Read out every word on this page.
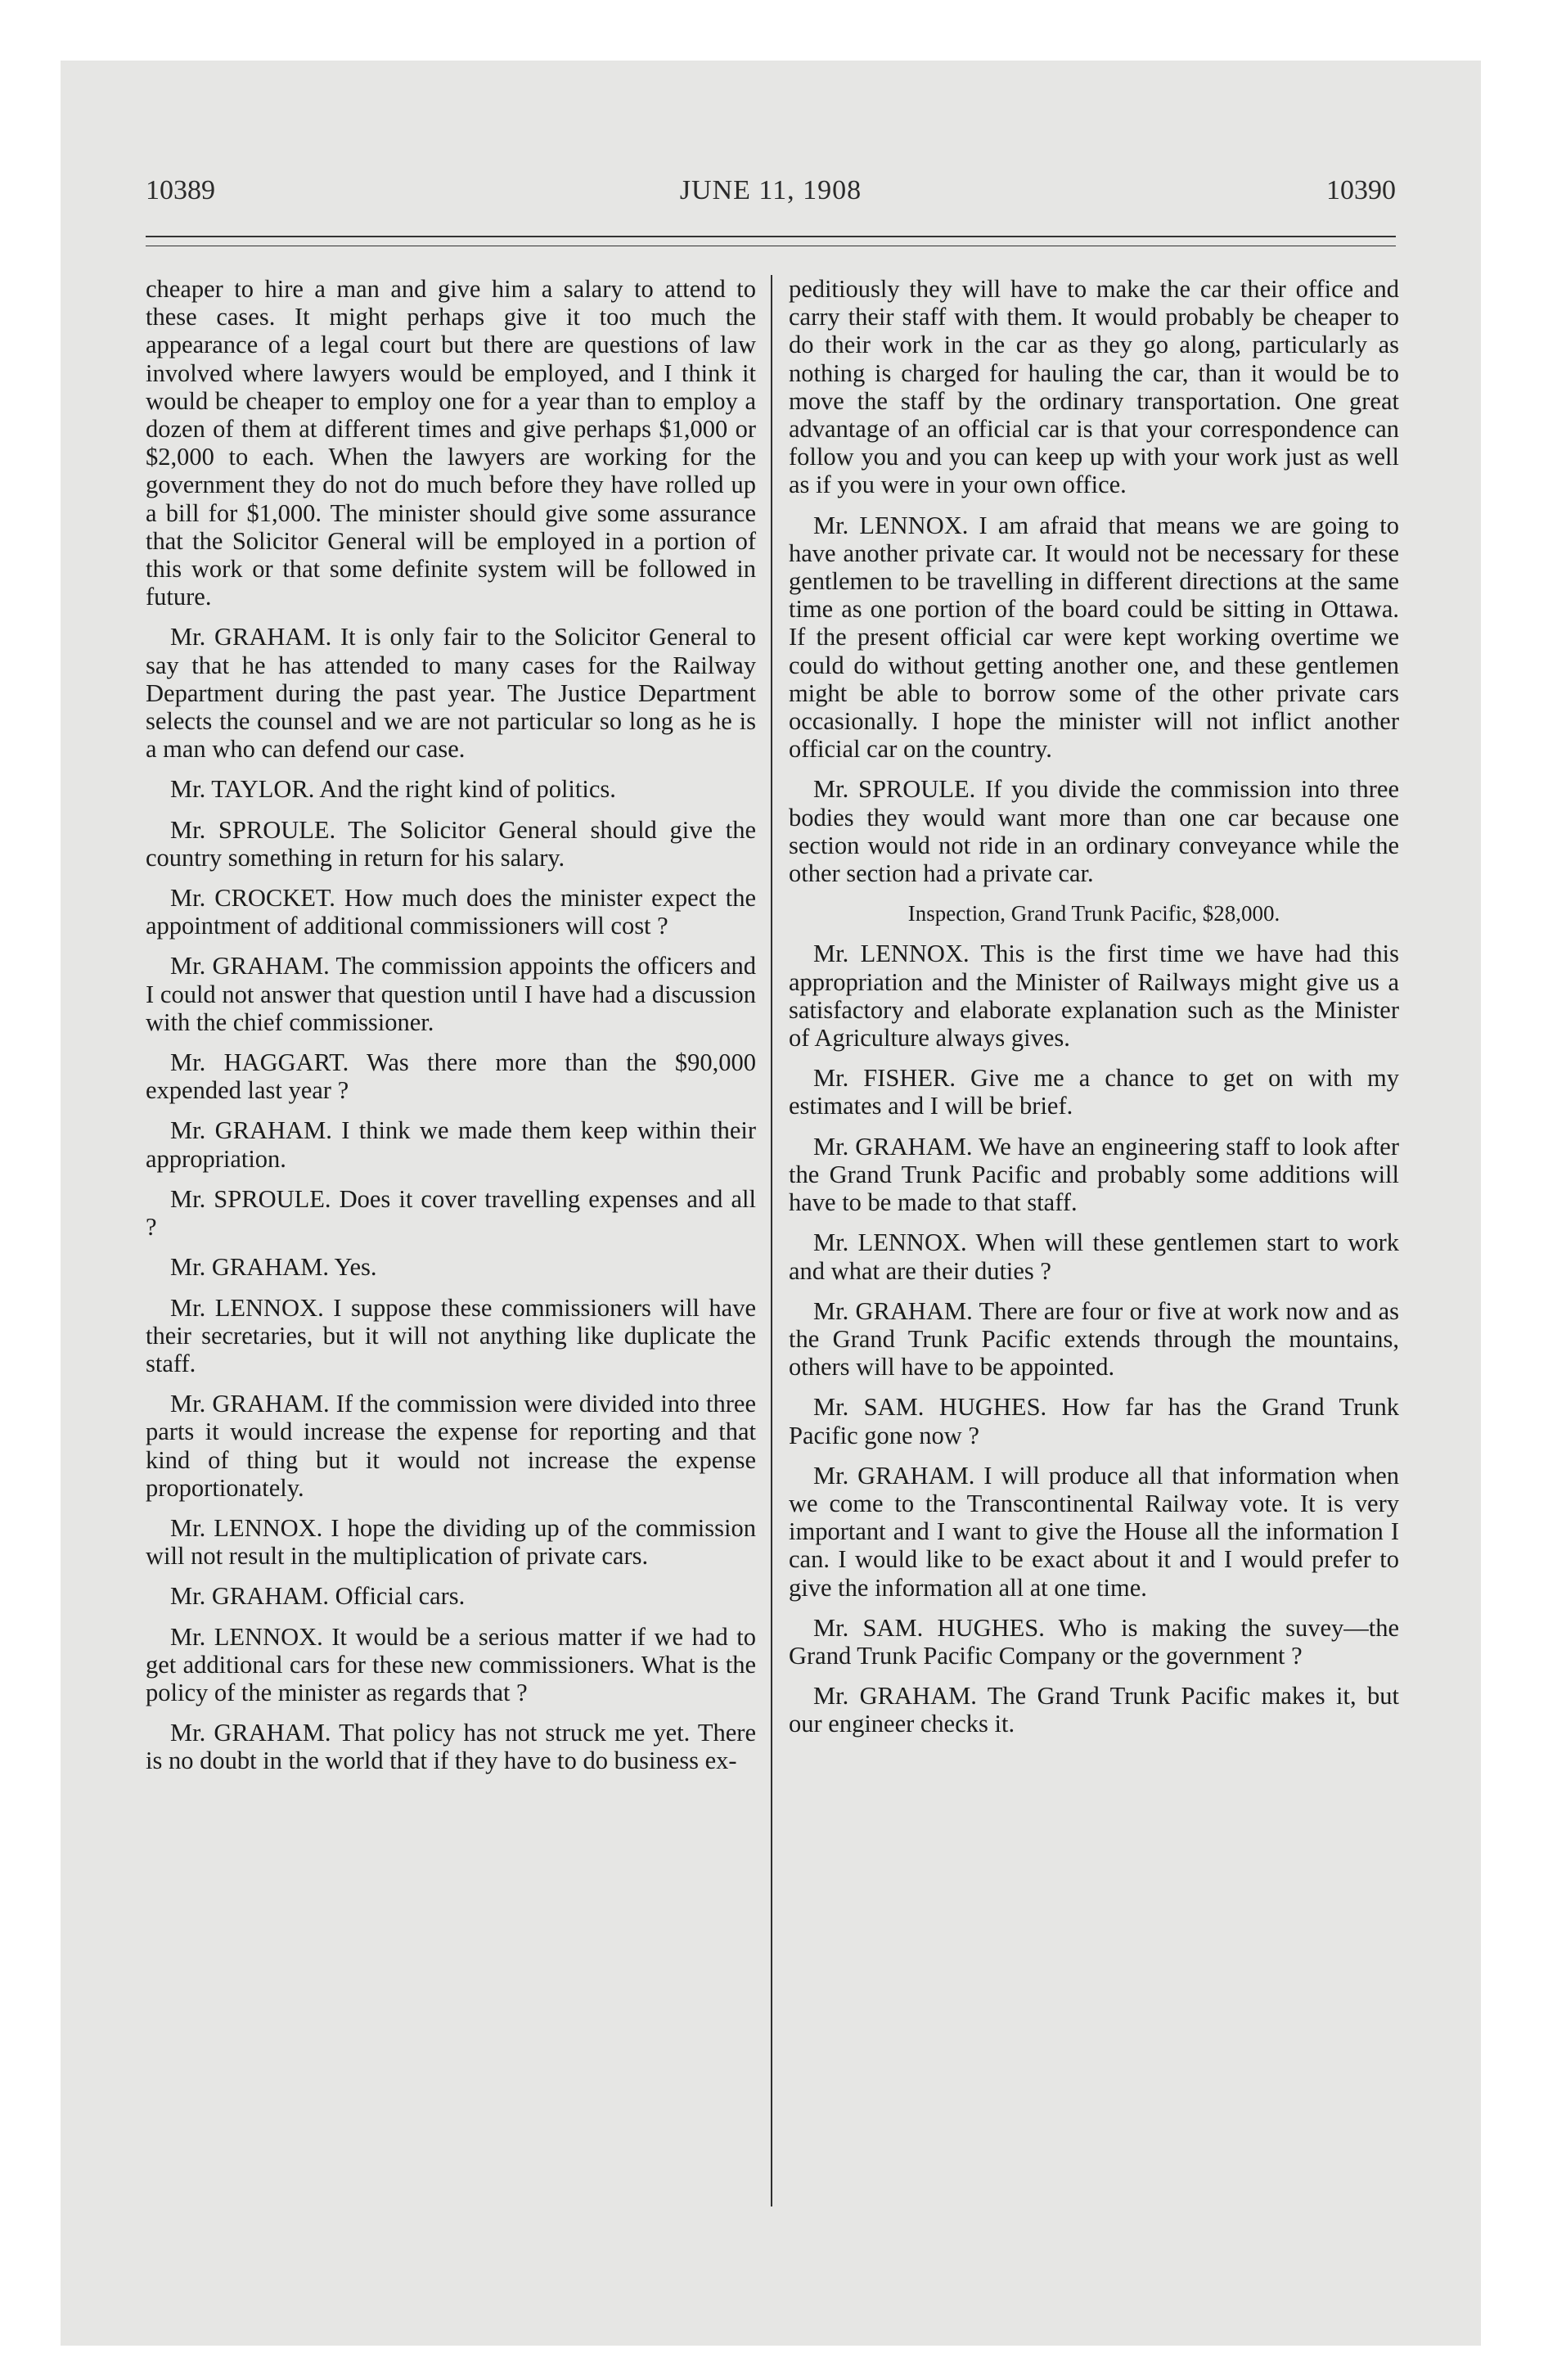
10389	JUNE 11, 1908	10390

cheaper to hire a man and give him a salary to attend to these cases. It might perhaps give it too much the appearance of a legal court but there are questions of law involved where lawyers would be employed, and I think it would be cheaper to employ one for a year than to employ a dozen of them at different times and give perhaps $1,000 or $2,000 to each. When the lawyers are working for the government they do not do much before they have rolled up a bill for $1,000. The minister should give some assurance that the Solicitor General will be employed in a portion of this work or that some definite system will be followed in future.

Mr. GRAHAM. It is only fair to the Solicitor General to say that he has attended to many cases for the Railway Department during the past year. The Justice Department selects the counsel and we are not particular so long as he is a man who can defend our case.

Mr. TAYLOR. And the right kind of politics.

Mr. SPROULE. The Solicitor General should give the country something in return for his salary.

Mr. CROCKET. How much does the minister expect the appointment of additional commissioners will cost ?

Mr. GRAHAM. The commission appoints the officers and I could not answer that question until I have had a discussion with the chief commissioner.

Mr. HAGGART. Was there more than the $90,000 expended last year ?

Mr. GRAHAM. I think we made them keep within their appropriation.

Mr. SPROULE. Does it cover travelling expenses and all ?

Mr. GRAHAM. Yes.

Mr. LENNOX. I suppose these commissioners will have their secretaries, but it will not anything like duplicate the staff.

Mr. GRAHAM. If the commission were divided into three parts it would increase the expense for reporting and that kind of thing but it would not increase the expense proportionately.

Mr. LENNOX. I hope the dividing up of the commission will not result in the multiplication of private cars.

Mr. GRAHAM. Official cars.

Mr. LENNOX. It would be a serious matter if we had to get additional cars for these new commissioners. What is the policy of the minister as regards that ?

Mr. GRAHAM. That policy has not struck me yet. There is no doubt in the world that if they have to do business ex-

peditiously they will have to make the car their office and carry their staff with them. It would probably be cheaper to do their work in the car as they go along, particularly as nothing is charged for hauling the car, than it would be to move the staff by the ordinary transportation. One great advantage of an official car is that your correspondence can follow you and you can keep up with your work just as well as if you were in your own office.

Mr. LENNOX. I am afraid that means we are going to have another private car. It would not be necessary for these gentlemen to be travelling in different directions at the same time as one portion of the board could be sitting in Ottawa. If the present official car were kept working overtime we could do without getting another one, and these gentlemen might be able to borrow some of the other private cars occasionally. I hope the minister will not inflict another official car on the country.

Mr. SPROULE. If you divide the commission into three bodies they would want more than one car because one section would not ride in an ordinary conveyance while the other section had a private car.

Inspection, Grand Trunk Pacific, $28,000.

Mr. LENNOX. This is the first time we have had this appropriation and the Minister of Railways might give us a satisfactory and elaborate explanation such as the Minister of Agriculture always gives.

Mr. FISHER. Give me a chance to get on with my estimates and I will be brief.

Mr. GRAHAM. We have an engineering staff to look after the Grand Trunk Pacific and probably some additions will have to be made to that staff.

Mr. LENNOX. When will these gentlemen start to work and what are their duties ?

Mr. GRAHAM. There are four or five at work now and as the Grand Trunk Pacific extends through the mountains, others will have to be appointed.

Mr. SAM. HUGHES. How far has the Grand Trunk Pacific gone now ?

Mr. GRAHAM. I will produce all that information when we come to the Transcontinental Railway vote. It is very important and I want to give the House all the information I can. I would like to be exact about it and I would prefer to give the information all at one time.

Mr. SAM. HUGHES. Who is making the suvey—the Grand Trunk Pacific Company or the government ?

Mr. GRAHAM. The Grand Trunk Pacific makes it, but our engineer checks it.
